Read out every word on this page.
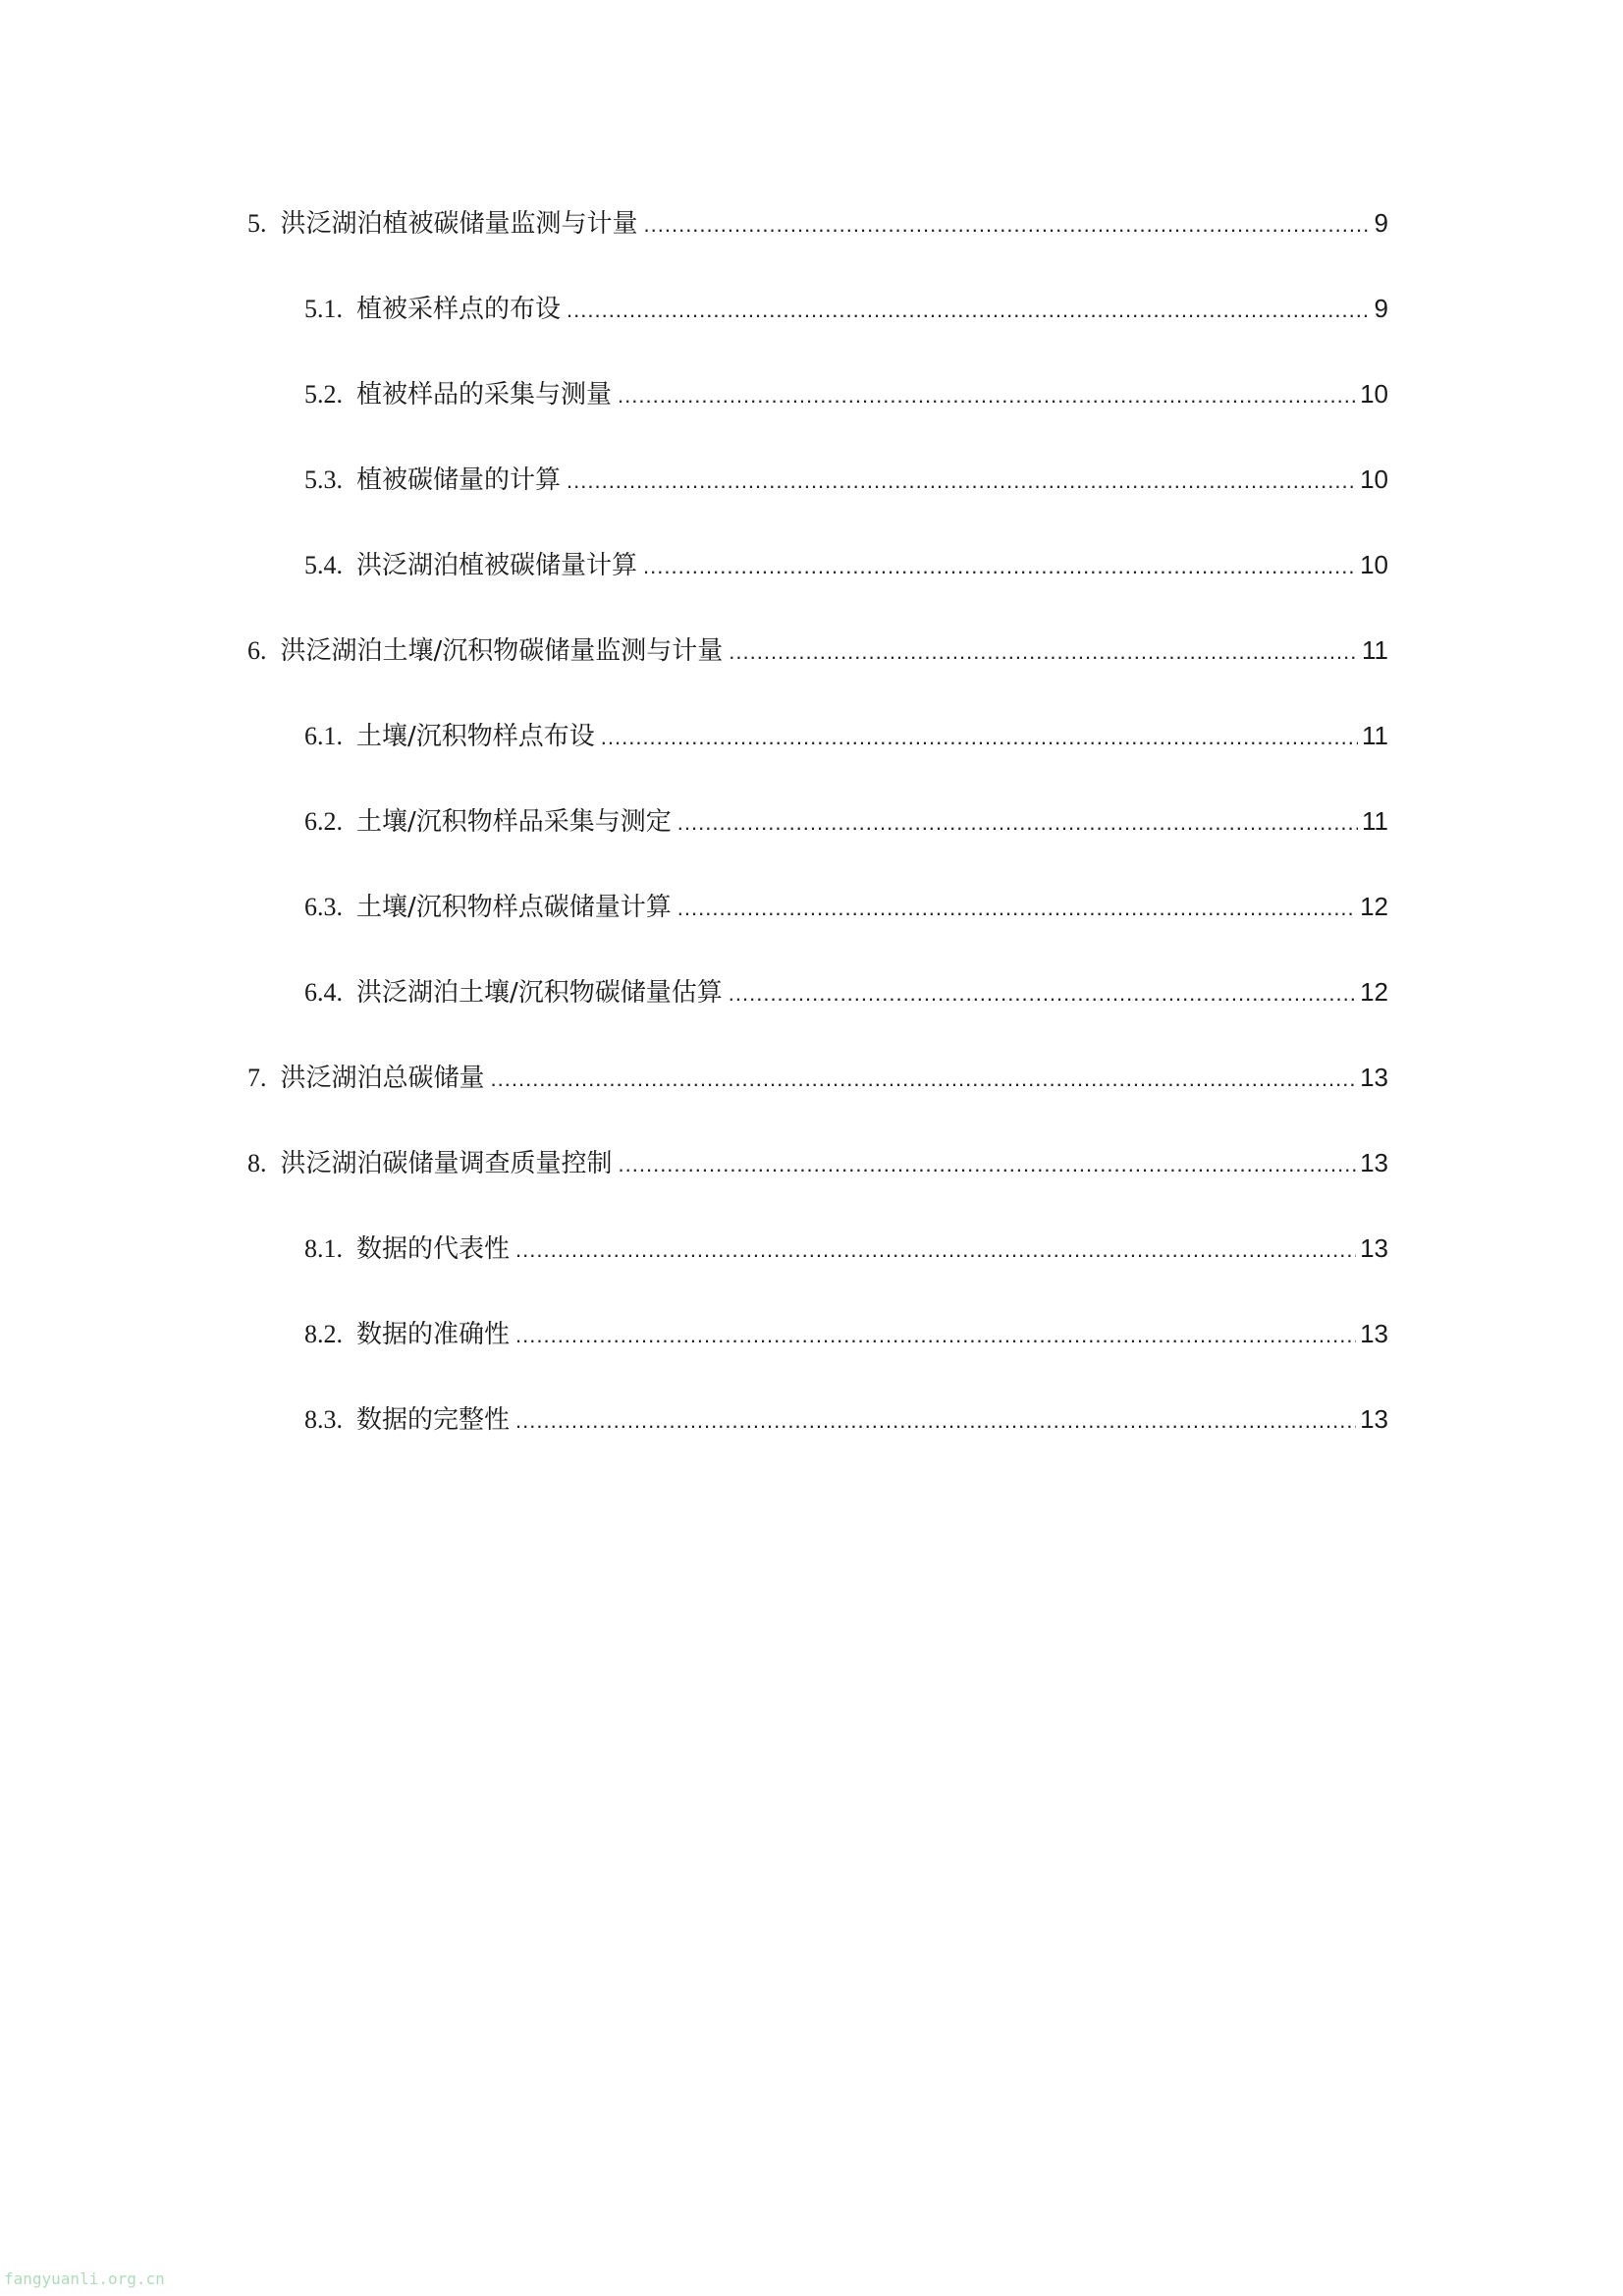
5. 洪泛湖泊植被碳储量监测与计量 .....	9
5.1. 植被采样点的布设 .....	9
5.2. 植被样品的采集与测量 .....	10
5.3. 植被碳储量的计算 .....	10
5.4. 洪泛湖泊植被碳储量计算 .....	10
6. 洪泛湖泊土壤/沉积物碳储量监测与计量 .....	11
6.1. 土壤/沉积物样点布设 .....	11
6.2. 土壤/沉积物样品采集与测定 .....	11
6.3. 土壤/沉积物样点碳储量计算 .....	12
6.4. 洪泛湖泊土壤/沉积物碳储量估算 .....	12
7. 洪泛湖泊总碳储量 .....	13
8. 洪泛湖泊碳储量调查质量控制 .....	13
8.1. 数据的代表性 .....	13
8.2. 数据的准确性 .....	13
8.3. 数据的完整性 .....	13
fangyuanli.org.cn
